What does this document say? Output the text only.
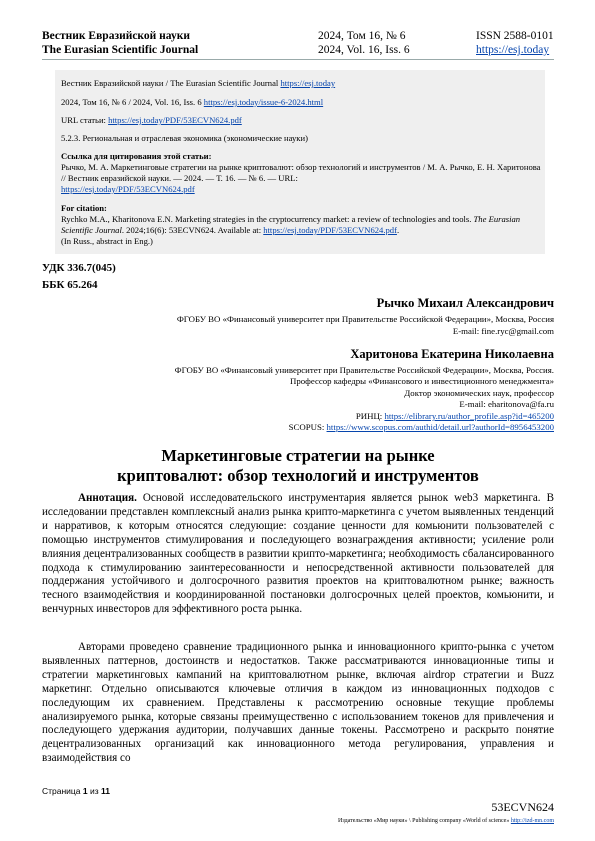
Вестник Евразийской науки
The Eurasian Scientific Journal
2024, Том 16, № 6
2024, Vol. 16, Iss. 6
ISSN 2588-0101
https://esj.today
Вестник Евразийской науки / The Eurasian Scientific Journal https://esj.today
2024, Том 16, № 6 / 2024, Vol. 16, Iss. 6 https://esj.today/issue-6-2024.html
URL статьи: https://esj.today/PDF/53ECVN624.pdf
5.2.3. Региональная и отраслевая экономика (экономические науки)
Ссылка для цитирования этой статьи:
Рычко, М. А. Маркетинговые стратегии на рынке криптовалют: обзор технологий и инструментов / М. А. Рычко, Е. Н. Харитонова // Вестник евразийской науки. — 2024. — Т. 16. — № 6. — URL:
https://esj.today/PDF/53ECVN624.pdf
For citation:
Rychko M.A., Kharitonova E.N. Marketing strategies in the cryptocurrency market: a review of technologies and tools. The Eurasian Scientific Journal. 2024;16(6): 53ECVN624. Available at: https://esj.today/PDF/53ECVN624.pdf.
(In Russ., abstract in Eng.)
УДК 336.7(045)
ББК 65.264
Рычко Михаил Александрович
ФГОБУ ВО «Финансовый университет при Правительстве Российской Федерации», Москва, Россия
E-mail: fine.ryc@gmail.com
Харитонова Екатерина Николаевна
ФГОБУ ВО «Финансовый университет при Правительстве Российской Федерации», Москва, Россия.
Профессор кафедры «Финансового и инвестиционного менеджмента»
Доктор экономических наук, профессор
E-mail: eharitonova@fa.ru
РИНЦ: https://elibrary.ru/author_profile.asp?id=465200
SCOPUS: https://www.scopus.com/authid/detail.url?authorId=8956453200
Маркетинговые стратегии на рынке
криптовалют: обзор технологий и инструментов
Аннотация. Основой исследовательского инструментария является рынок web3 маркетинга. В исследовании представлен комплексный анализ рынка крипто-маркетинга с учетом выявленных тенденций и нарративов, к которым относятся следующие: создание ценности для комьюнити пользователей с помощью инструментов стимулирования и последующего вознаграждения активности; усиление роли влияния децентрализованных сообществ в развитии крипто-маркетинга; необходимость сбалансированного подхода к стимулированию заинтересованности и непосредственной активности пользователей для поддержания устойчивого и долгосрочного развития проектов на криптовалютном рынке; важность тесного взаимодействия и координированной постановки долгосрочных целей проектов, комьюнити, и венчурных инвесторов для эффективного роста рынка.
Авторами проведено сравнение традиционного рынка и инновационного крипто-рынка с учетом выявленных паттернов, достоинств и недостатков. Также рассматриваются инновационные типы и стратегии маркетинговых кампаний на криптовалютном рынке, включая airdrop стратегии и Buzz маркетинг. Отдельно описываются ключевые отличия в каждом из инновационных подходов с последующим их сравнением. Представлены к рассмотрению основные текущие проблемы анализируемого рынка, которые связаны преимущественно с использованием токенов для привлечения и последующего удержания аудитории, получавших данные токены. Рассмотрено и раскрыто понятие децентрализованных организаций как инновационного метода регулирования, управления и взаимодействия со
Страница 1 из 11
53ECVN624
Издательство «Мир науки» \ Publishing company «World of science» http://izd-mn.com
